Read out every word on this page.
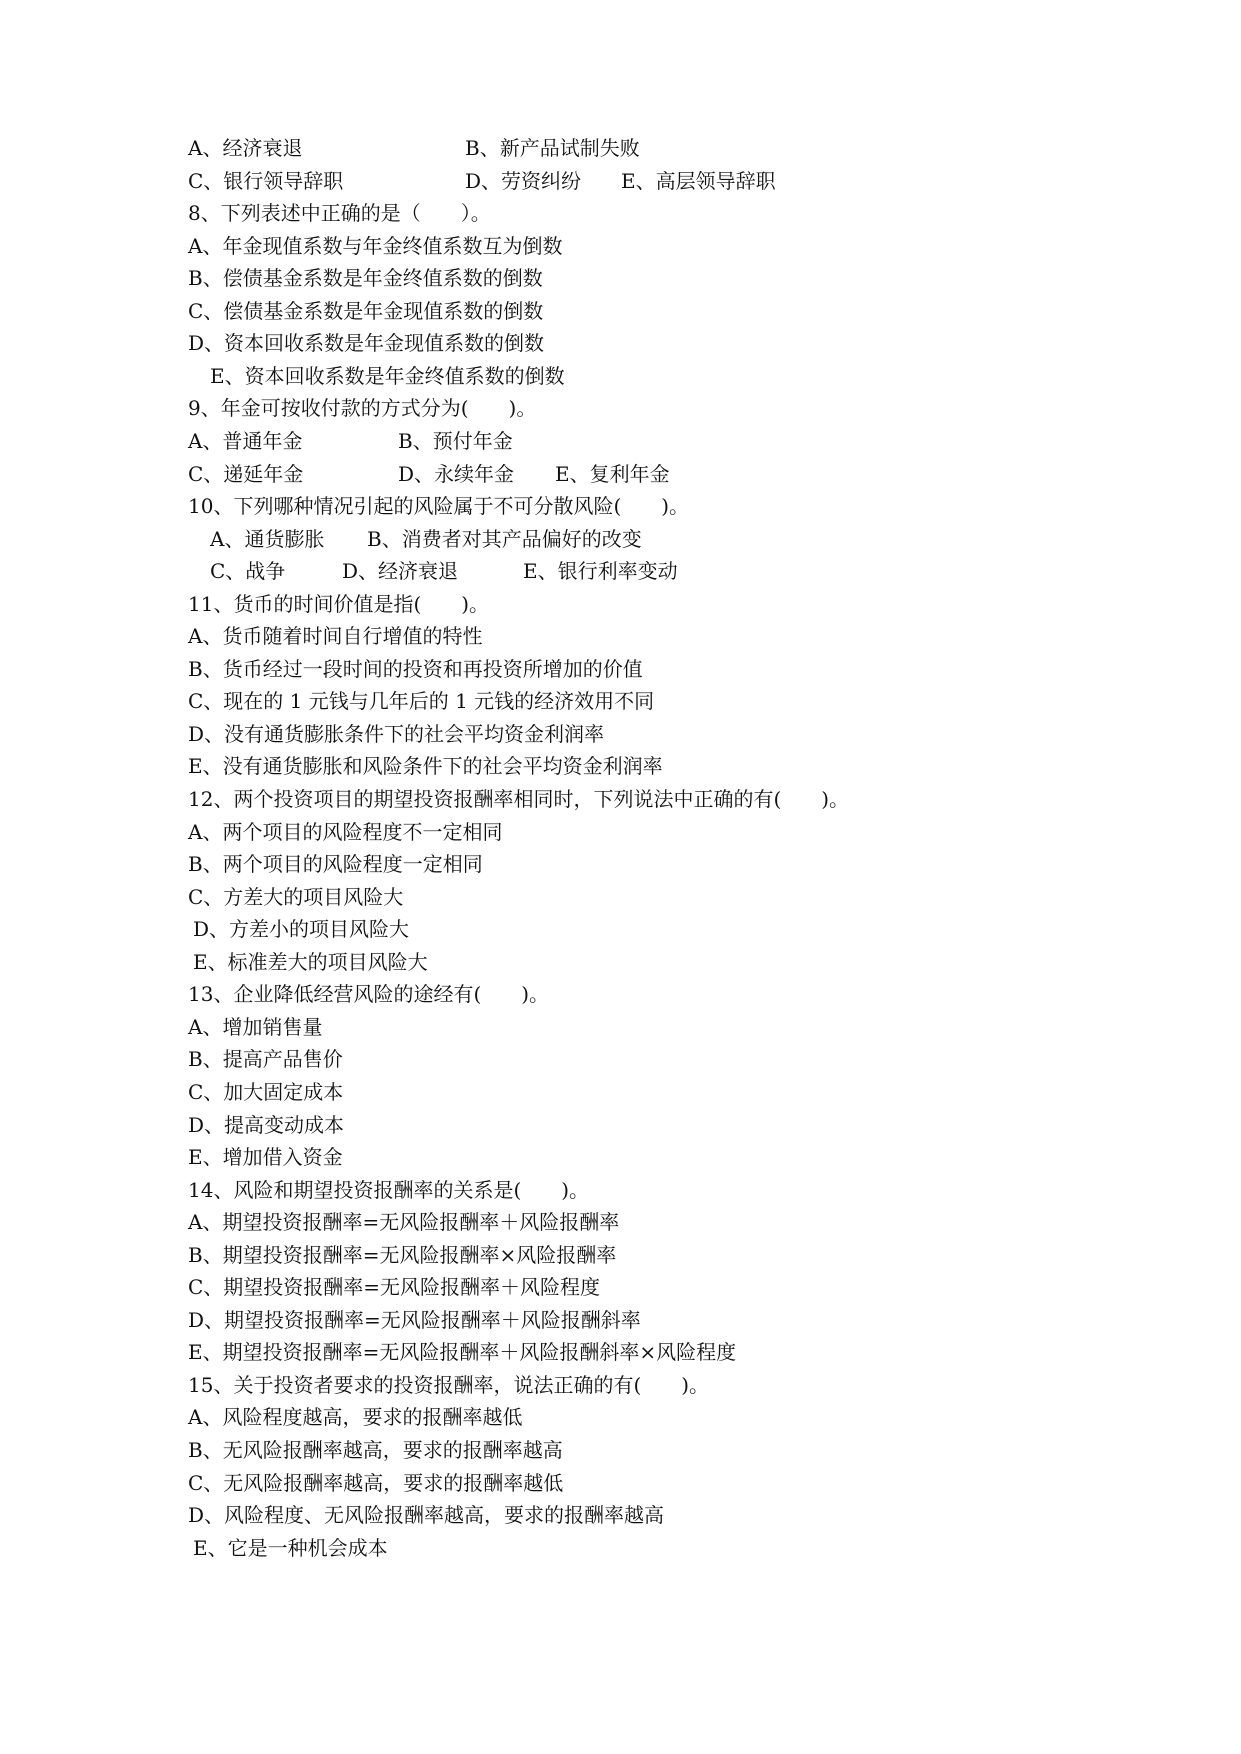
A、经济衰退	B、新产品试制失败
C、银行领导辞职	D、劳资纠纷 E、高层领导辞职
8、下列表述中正确的是（　　）。
A、年金现值系数与年金终值系数互为倒数
B、偿债基金系数是年金终值系数的倒数
C、偿债基金系数是年金现值系数的倒数
D、资本回收系数是年金现值系数的倒数
E、资本回收系数是年金终值系数的倒数
9、年金可按收付款的方式分为(　　)。
A、普通年金	B、预付年金
C、递延年金	D、永续年金 E、复利年金
10、下列哪种情况引起的风险属于不可分散风险(　　)。
A、通货膨胀 B、消费者对其产品偏好的改变
C、战争	D、经济衰退	E、银行利率变动
11、货币的时间价值是指(　　)。
A、货币随着时间自行增值的特性
B、货币经过一段时间的投资和再投资所增加的价值
C、现在的 1 元钱与几年后的 1 元钱的经济效用不同
D、没有通货膨胀条件下的社会平均资金利润率
E、没有通货膨胀和风险条件下的社会平均资金利润率
12、两个投资项目的期望投资报酬率相同时，下列说法中正确的有(　　)。
A、两个项目的风险程度不一定相同
B、两个项目的风险程度一定相同
C、方差大的项目风险大
D、方差小的项目风险大
E、标准差大的项目风险大
13、企业降低经营风险的途经有(　　)。
A、增加销售量
B、提高产品售价
C、加大固定成本
D、提高变动成本
E、增加借入资金
14、风险和期望投资报酬率的关系是(　　)。
A、期望投资报酬率=无风险报酬率＋风险报酬率
B、期望投资报酬率=无风险报酬率×风险报酬率
C、期望投资报酬率=无风险报酬率＋风险程度
D、期望投资报酬率=无风险报酬率＋风险报酬斜率
E、期望投资报酬率=无风险报酬率＋风险报酬斜率×风险程度
15、关于投资者要求的投资报酬率，说法正确的有(　　)。
A、风险程度越高，要求的报酬率越低
B、无风险报酬率越高，要求的报酬率越高
C、无风险报酬率越高，要求的报酬率越低
D、风险程度、无风险报酬率越高，要求的报酬率越高
E、它是一种机会成本
